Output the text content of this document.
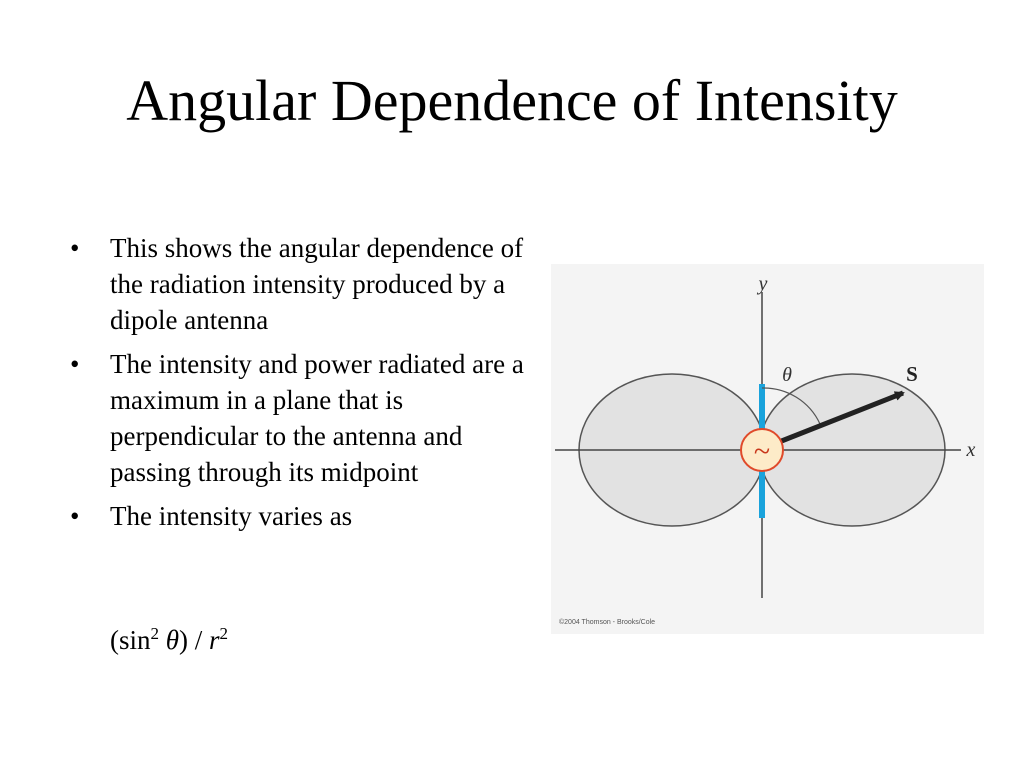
Angular Dependence of Intensity
• This shows the angular dependence of the radiation intensity produced by a dipole antenna
• The intensity and power radiated are a maximum in a plane that is perpendicular to the antenna and passing through its midpoint
• The intensity varies as
($\sin^2$ $\theta) / r^2$
y
x
θ	S
~
©2004 Thomson - Brooks/Cole
